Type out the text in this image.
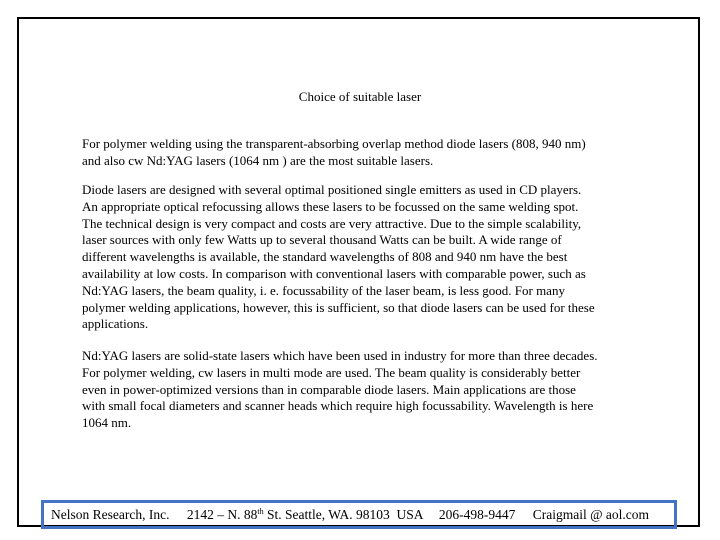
Choice of suitable laser
For polymer welding using the transparent-absorbing overlap method diode lasers (808, 940 nm)
and also cw Nd:YAG lasers (1064 nm ) are the most suitable lasers.
Diode lasers are designed with several optimal positioned single emitters as used in CD players.
An appropriate optical refocussing allows these lasers to be focussed on the same welding spot.
The technical design is very compact and costs are very attractive. Due to the simple scalability,
laser sources with only few Watts up to several thousand Watts can be built. A wide range of
different wavelengths is available, the standard wavelengths of 808 and 940 nm have the best
availability at low costs. In comparison with conventional lasers with comparable power, such as
Nd:YAG lasers, the beam quality, i. e. focussability of the laser beam, is less good. For many
polymer welding applications, however, this is sufficient, so that diode lasers can be used for these
applications.
Nd:YAG lasers are solid-state lasers which have been used in industry for more than three decades.
For polymer welding, cw lasers in multi mode are used. The beam quality is considerably better
even in power-optimized versions than in comparable diode lasers. Main applications are those
with small focal diameters and scanner heads which require high focussability. Wavelength is here
1064 nm.
Nelson Research, Inc. 2142 – N. 88th St. Seattle, WA. 98103  USA 206-498-9447 Craigmail @ aol.com
